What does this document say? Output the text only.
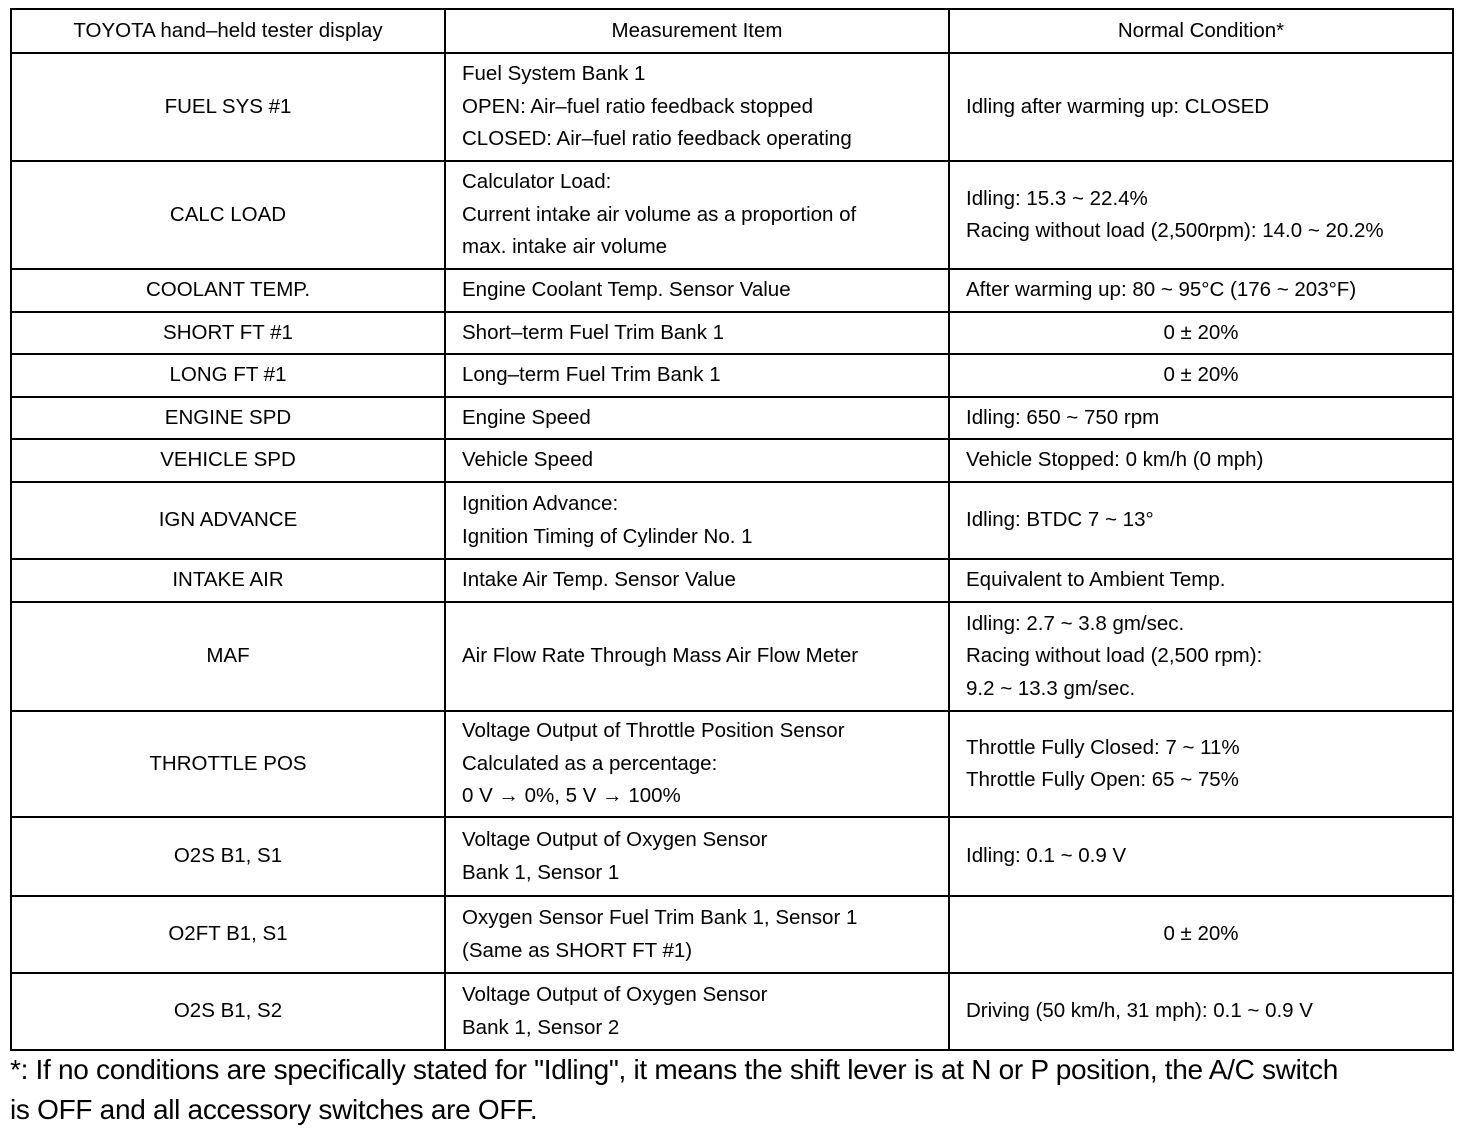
TOYOTA hand–held tester display	Measurement Item	Normal Condition*
FUEL SYS #1	Fuel System Bank 1
OPEN: Air–fuel ratio feedback stopped
CLOSED: Air–fuel ratio feedback operating	Idling after warming up: CLOSED

CALC LOAD	Calculator Load:
Current intake air volume as a proportion of
max. intake air volume	Idling: 15.3 ~ 22.4%
Racing without load (2,500rpm): 14.0 ~ 20.2%

COOLANT TEMP.	Engine Coolant Temp. Sensor Value	After warming up: 80 ~ 95°C (176 ~ 203°F)

SHORT FT #1	Short–term Fuel Trim Bank 1	0 ± 20%

LONG FT #1	Long–term Fuel Trim Bank 1	0 ± 20%

ENGINE SPD	Engine Speed	Idling: 650 ~ 750 rpm

VEHICLE SPD	Vehicle Speed	Vehicle Stopped: 0 km/h (0 mph)

IGN ADVANCE	Ignition Advance:
Ignition Timing of Cylinder No. 1	Idling: BTDC 7 ~ 13°

INTAKE AIR	Intake Air Temp. Sensor Value	Equivalent to Ambient Temp.

MAF	Air Flow Rate Through Mass Air Flow Meter	Idling: 2.7 ~ 3.8 gm/sec.
Racing without load (2,500 rpm):
9.2 ~ 13.3 gm/sec.

THROTTLE POS	Voltage Output of Throttle Position Sensor
Calculated as a percentage:
0 V → 0%, 5 V → 100%	Throttle Fully Closed: 7 ~ 11%
Throttle Fully Open: 65 ~ 75%

O2S B1, S1	Voltage Output of Oxygen Sensor
Bank 1, Sensor 1	Idling: 0.1 ~ 0.9 V

O2FT B1, S1	Oxygen Sensor Fuel Trim Bank 1, Sensor 1
(Same as SHORT FT #1)	0 ± 20%

O2S B1, S2	Voltage Output of Oxygen Sensor
Bank 1, Sensor 2	Driving (50 km/h, 31 mph): 0.1 ~ 0.9 V
*: If no conditions are specifically stated for "Idling", it means the shift lever is at N or P position, the A/C switch
is OFF and all accessory switches are OFF.
